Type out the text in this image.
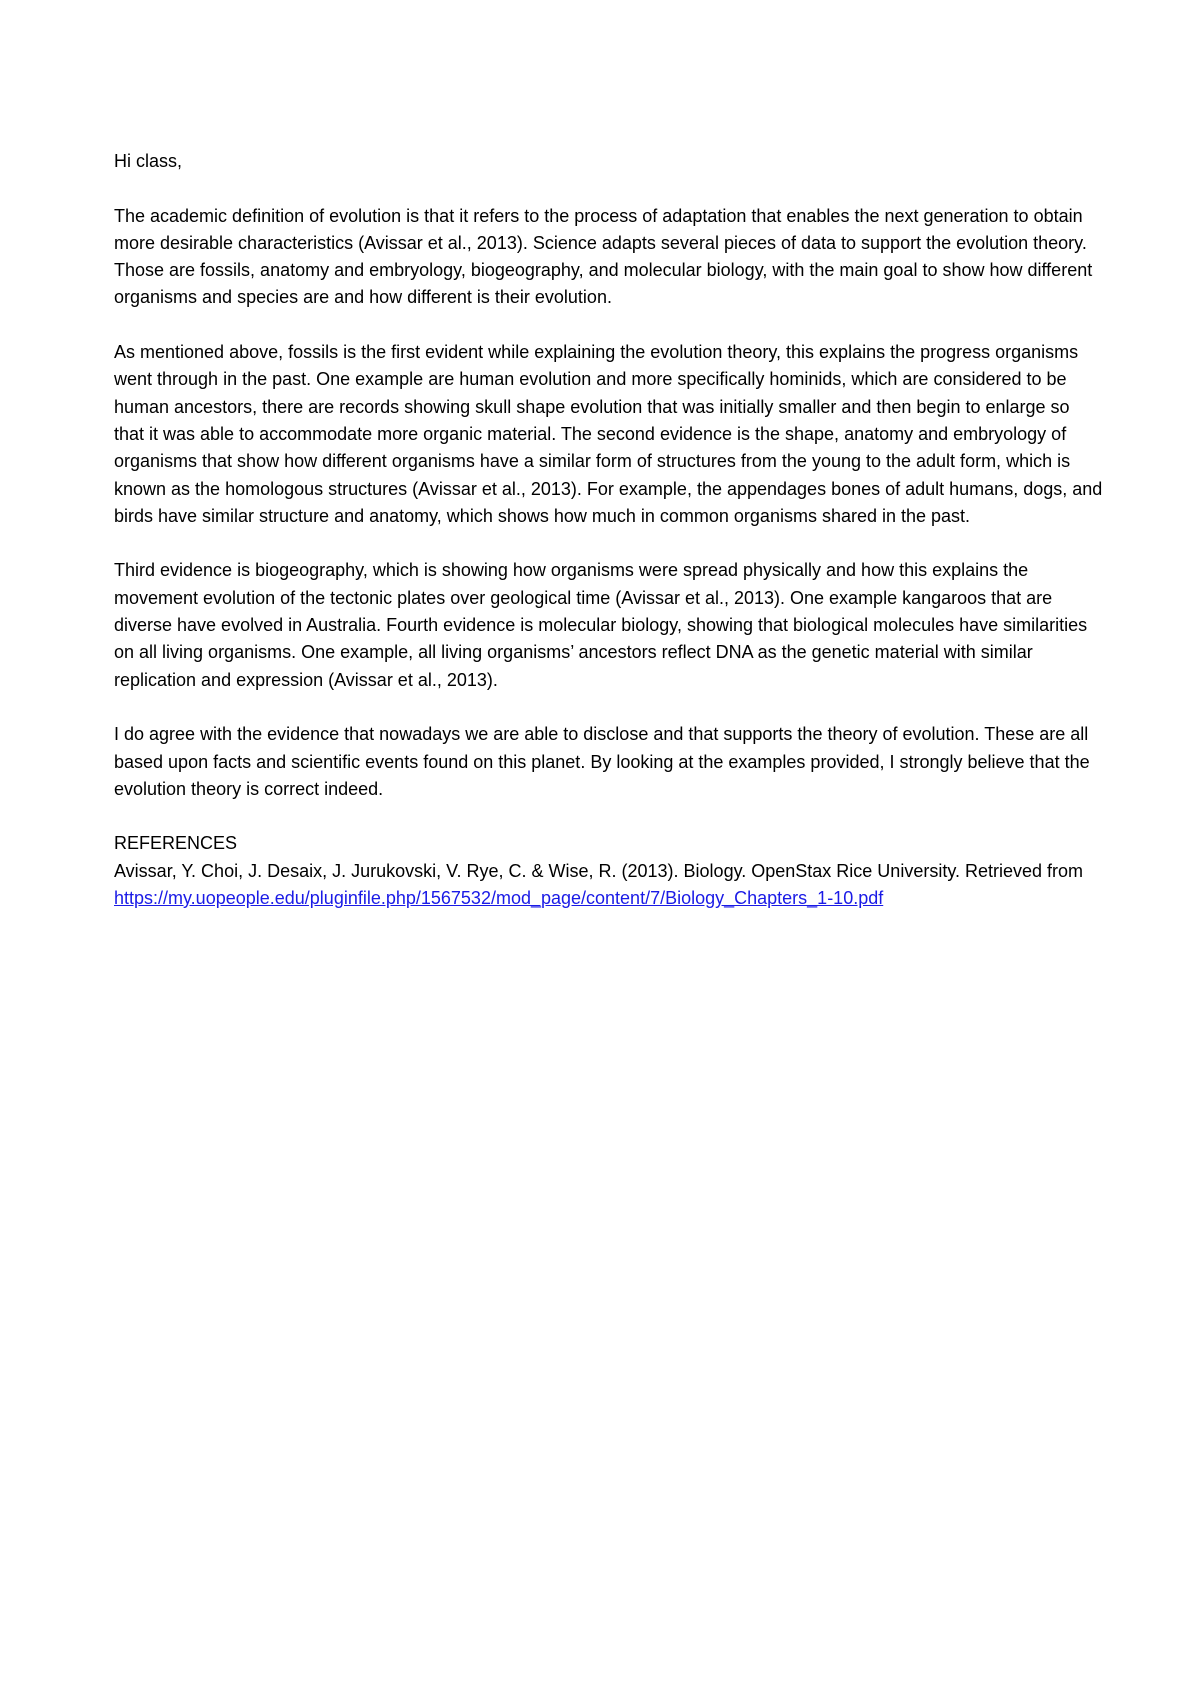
Hi class,

The academic definition of evolution is that it refers to the process of adaptation that enables the next generation to obtain more desirable characteristics (Avissar et al., 2013). Science adapts several pieces of data to support the evolution theory. Those are fossils, anatomy and embryology, biogeography, and molecular biology, with the main goal to show how different organisms and species are and how different is their evolution.

As mentioned above, fossils is the first evident while explaining the evolution theory, this explains the progress organisms went through in the past. One example are human evolution and more specifically hominids, which are considered to be human ancestors, there are records showing skull shape evolution that was initially smaller and then begin to enlarge so that it was able to accommodate more organic material. The second evidence is the shape, anatomy and embryology of organisms that show how different organisms have a similar form of structures from the young to the adult form, which is known as the homologous structures (Avissar et al., 2013). For example, the appendages bones of adult humans, dogs, and birds have similar structure and anatomy, which shows how much in common organisms shared in the past.

Third evidence is biogeography, which is showing how organisms were spread physically and how this explains the movement evolution of the tectonic plates over geological time (Avissar et al., 2013). One example kangaroos that are diverse have evolved in Australia. Fourth evidence is molecular biology, showing that biological molecules have similarities on all living organisms. One example, all living organisms’ ancestors reflect DNA as the genetic material with similar replication and expression (Avissar et al., 2013).

I do agree with the evidence that nowadays we are able to disclose and that supports the theory of evolution. These are all based upon facts and scientific events found on this planet. By looking at the examples provided, I strongly believe that the evolution theory is correct indeed.

REFERENCES

Avissar, Y. Choi, J. Desaix, J. Jurukovski, V. Rye, C. & Wise, R. (2013). Biology. OpenStax Rice University. Retrieved from

https://my.uopeople.edu/pluginfile.php/1567532/mod_page/content/7/Biology_Chapters_1-10.pdf
